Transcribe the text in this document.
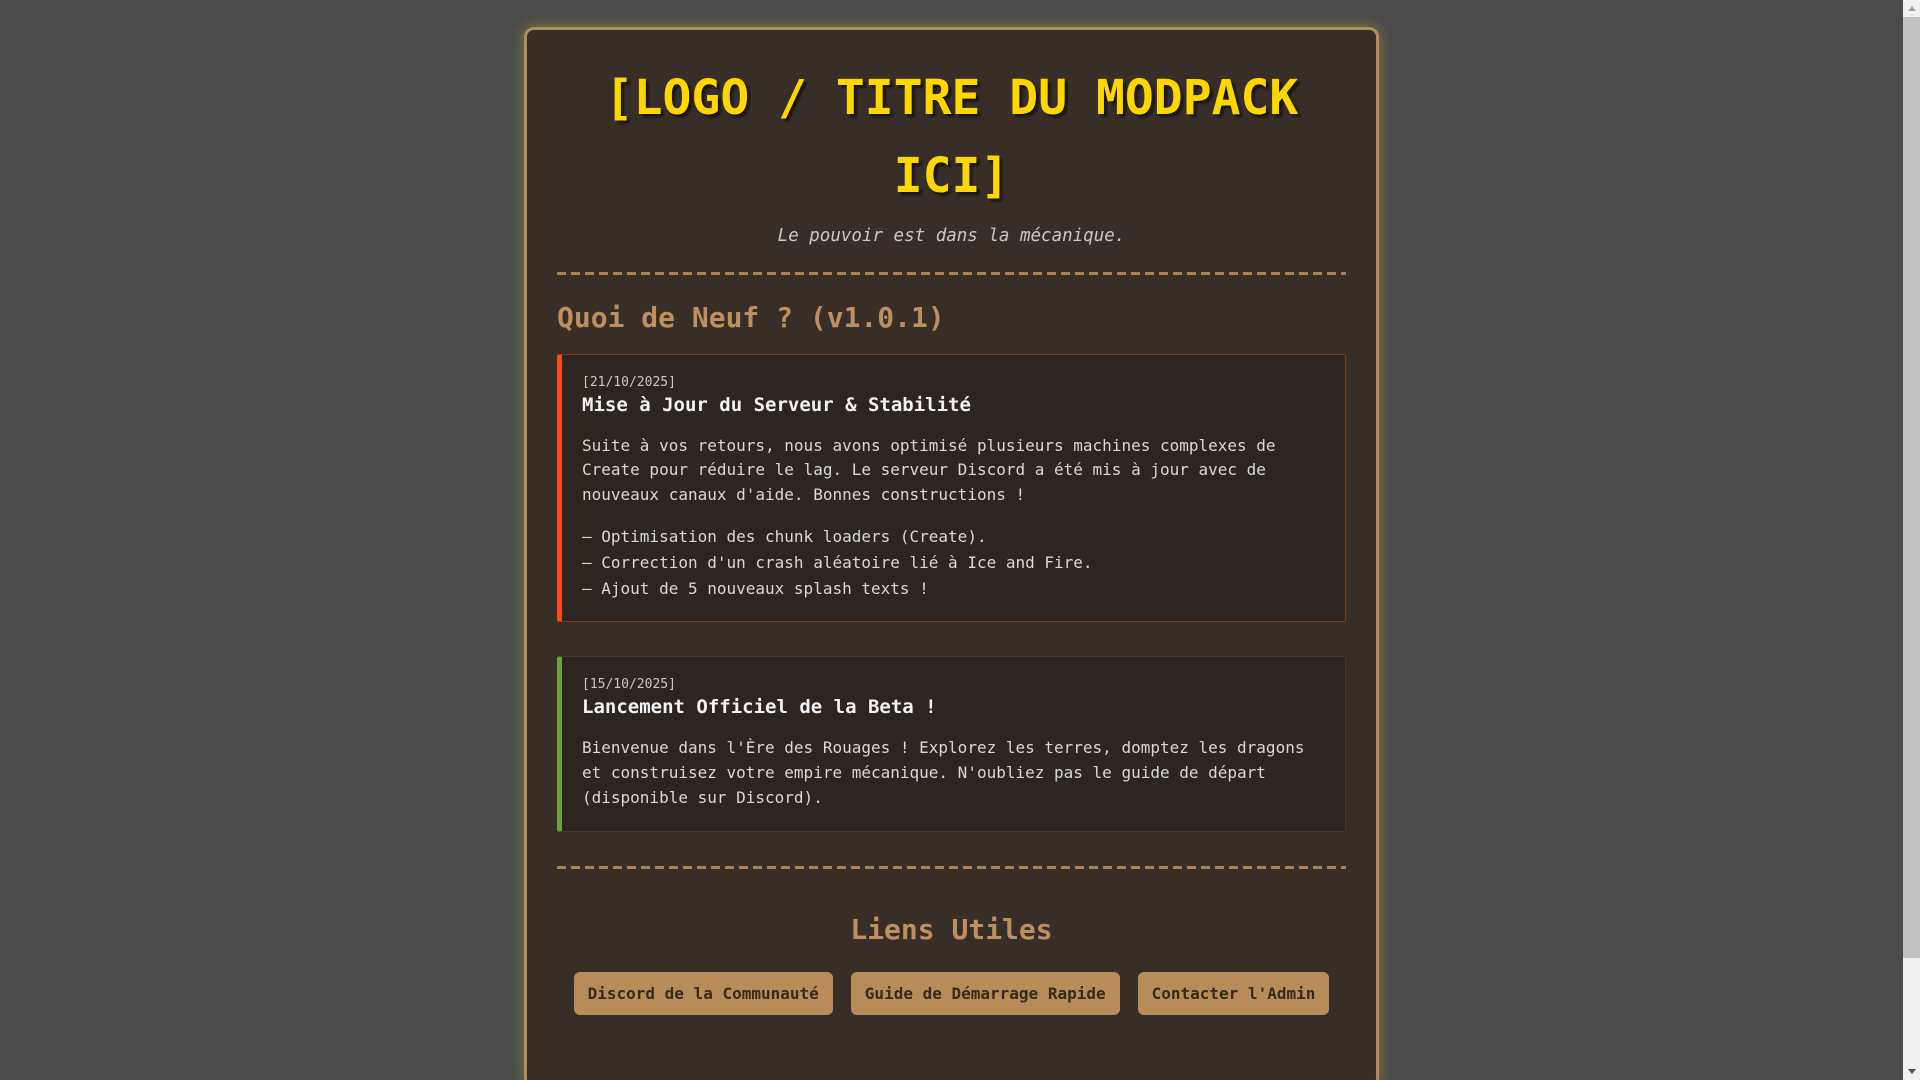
[LOGO / TITRE DU MODPACK ICI]

Le pouvoir est dans la mécanique.

Quoi de Neuf ? (v1.0.1)
[21/10/2025]
Mise à Jour du Serveur & Stabilité

Suite à vos retours, nous avons optimisé plusieurs machines complexes de Create pour réduire le lag. Le serveur Discord a été mis à jour avec de nouveaux canaux d'aide. Bonnes constructions !

— Optimisation des chunk loaders (Create).
— Correction d'un crash aléatoire lié à Ice and Fire.
— Ajout de 5 nouveaux splash texts !
[15/10/2025]
Lancement Officiel de la Beta !

Bienvenue dans l'Ère des Rouages ! Explorez les terres, domptez les dragons et construisez votre empire mécanique. N'oubliez pas le guide de départ (disponible sur Discord).

Liens Utiles
Discord de la Communauté	Guide de Démarrage Rapide	Contacter l'Admin
